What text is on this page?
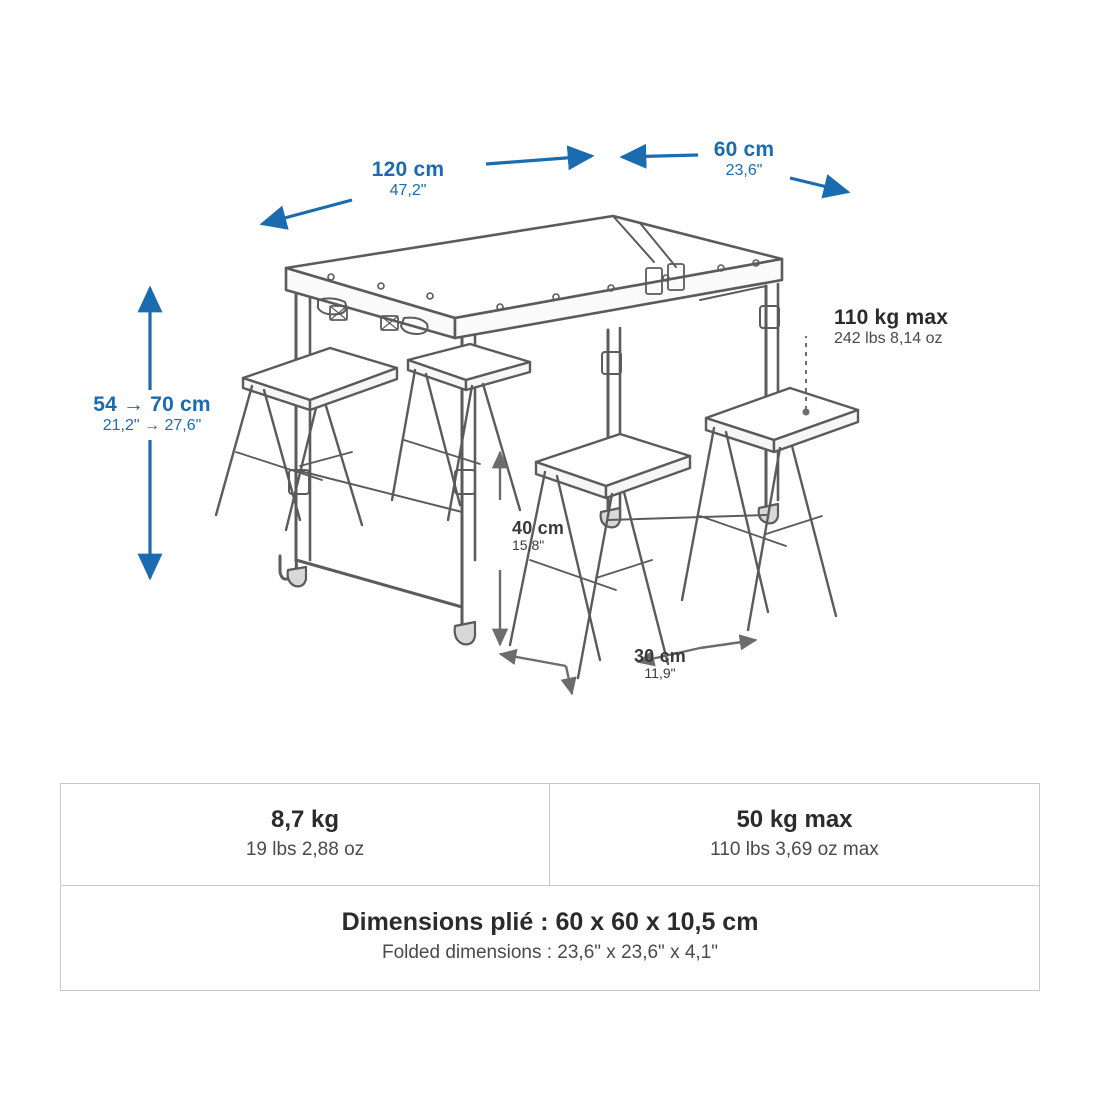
120 cm
47,2"
60 cm
23,6"
54 → 70 cm
21,2" → 27,6"
40 cm
15,8"
30 cm
11,9"
110 kg max
242 lbs 8,14 oz
8,7 kg
19 lbs 2,88 oz
50 kg max
110 lbs 3,69 oz max
Dimensions plié : 60 x 60 x 10,5 cm
Folded dimensions : 23,6" x 23,6" x 4,1"
